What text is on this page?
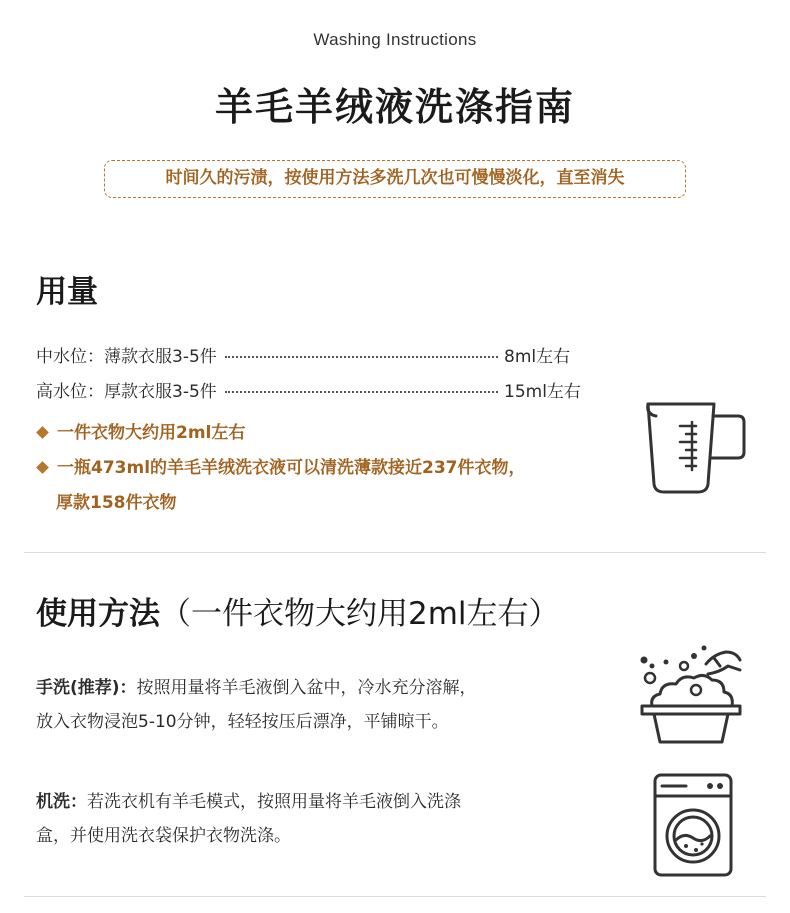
Washing Instructions
羊毛羊绒液洗涤指南
时间久的污渍，按使用方法多洗几次也可慢慢淡化，直至消失
用量
中水位：薄款衣服3-5件	8ml左右
高水位：厚款衣服3-5件	15ml左右
一件衣物大约用2ml左右
一瓶473ml的羊毛羊绒洗衣液可以清洗薄款接近237件衣物，
厚款158件衣物
使用方法（一件衣物大约用2ml左右）
手洗(推荐)：按照用量将羊毛液倒入盆中，冷水充分溶解，
放入衣物浸泡5-10分钟，轻轻按压后漂净，平铺晾干。
机洗：若洗衣机有羊毛模式，按照用量将羊毛液倒入洗涤
盒，并使用洗衣袋保护衣物洗涤。
